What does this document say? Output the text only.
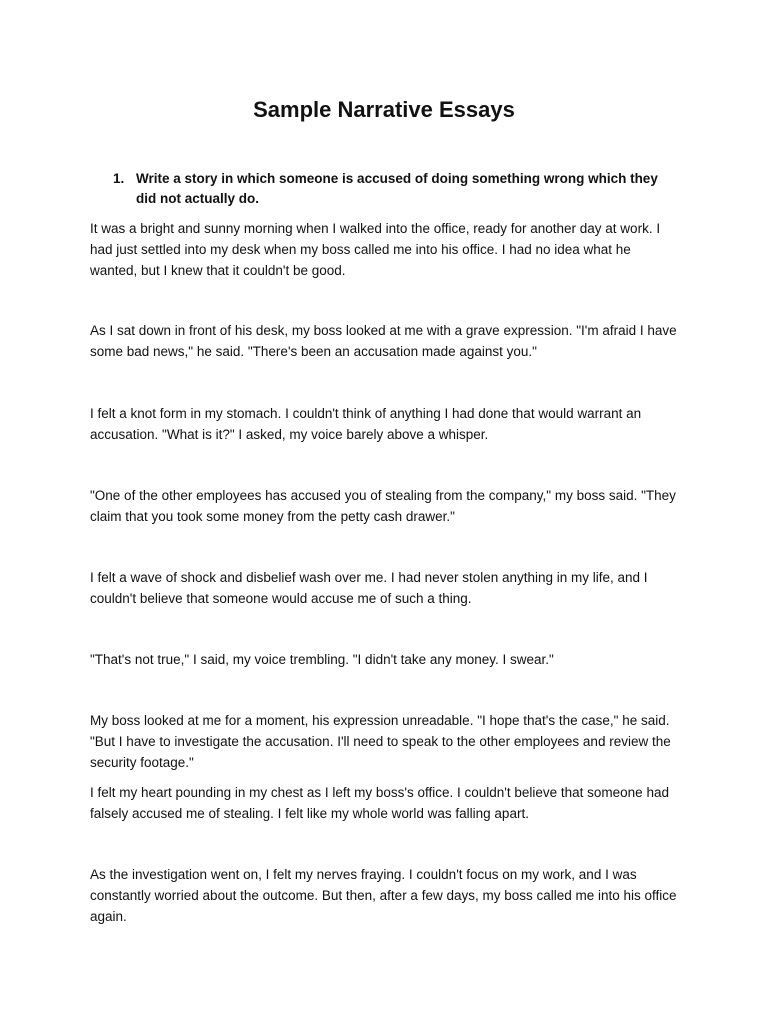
Sample Narrative Essays
1. Write a story in which someone is accused of doing something wrong which they did not actually do.

It was a bright and sunny morning when I walked into the office, ready for another day at work. I had just settled into my desk when my boss called me into his office. I had no idea what he wanted, but I knew that it couldn't be good.

As I sat down in front of his desk, my boss looked at me with a grave expression. "I'm afraid I have some bad news," he said. "There's been an accusation made against you."

I felt a knot form in my stomach. I couldn't think of anything I had done that would warrant an accusation. "What is it?" I asked, my voice barely above a whisper.

"One of the other employees has accused you of stealing from the company," my boss said. "They claim that you took some money from the petty cash drawer."

I felt a wave of shock and disbelief wash over me. I had never stolen anything in my life, and I couldn't believe that someone would accuse me of such a thing.

"That's not true," I said, my voice trembling. "I didn't take any money. I swear."

My boss looked at me for a moment, his expression unreadable. "I hope that's the case," he said. "But I have to investigate the accusation. I'll need to speak to the other employees and review the security footage."

I felt my heart pounding in my chest as I left my boss's office. I couldn't believe that someone had falsely accused me of stealing. I felt like my whole world was falling apart.

As the investigation went on, I felt my nerves fraying. I couldn't focus on my work, and I was constantly worried about the outcome. But then, after a few days, my boss called me into his office again.
